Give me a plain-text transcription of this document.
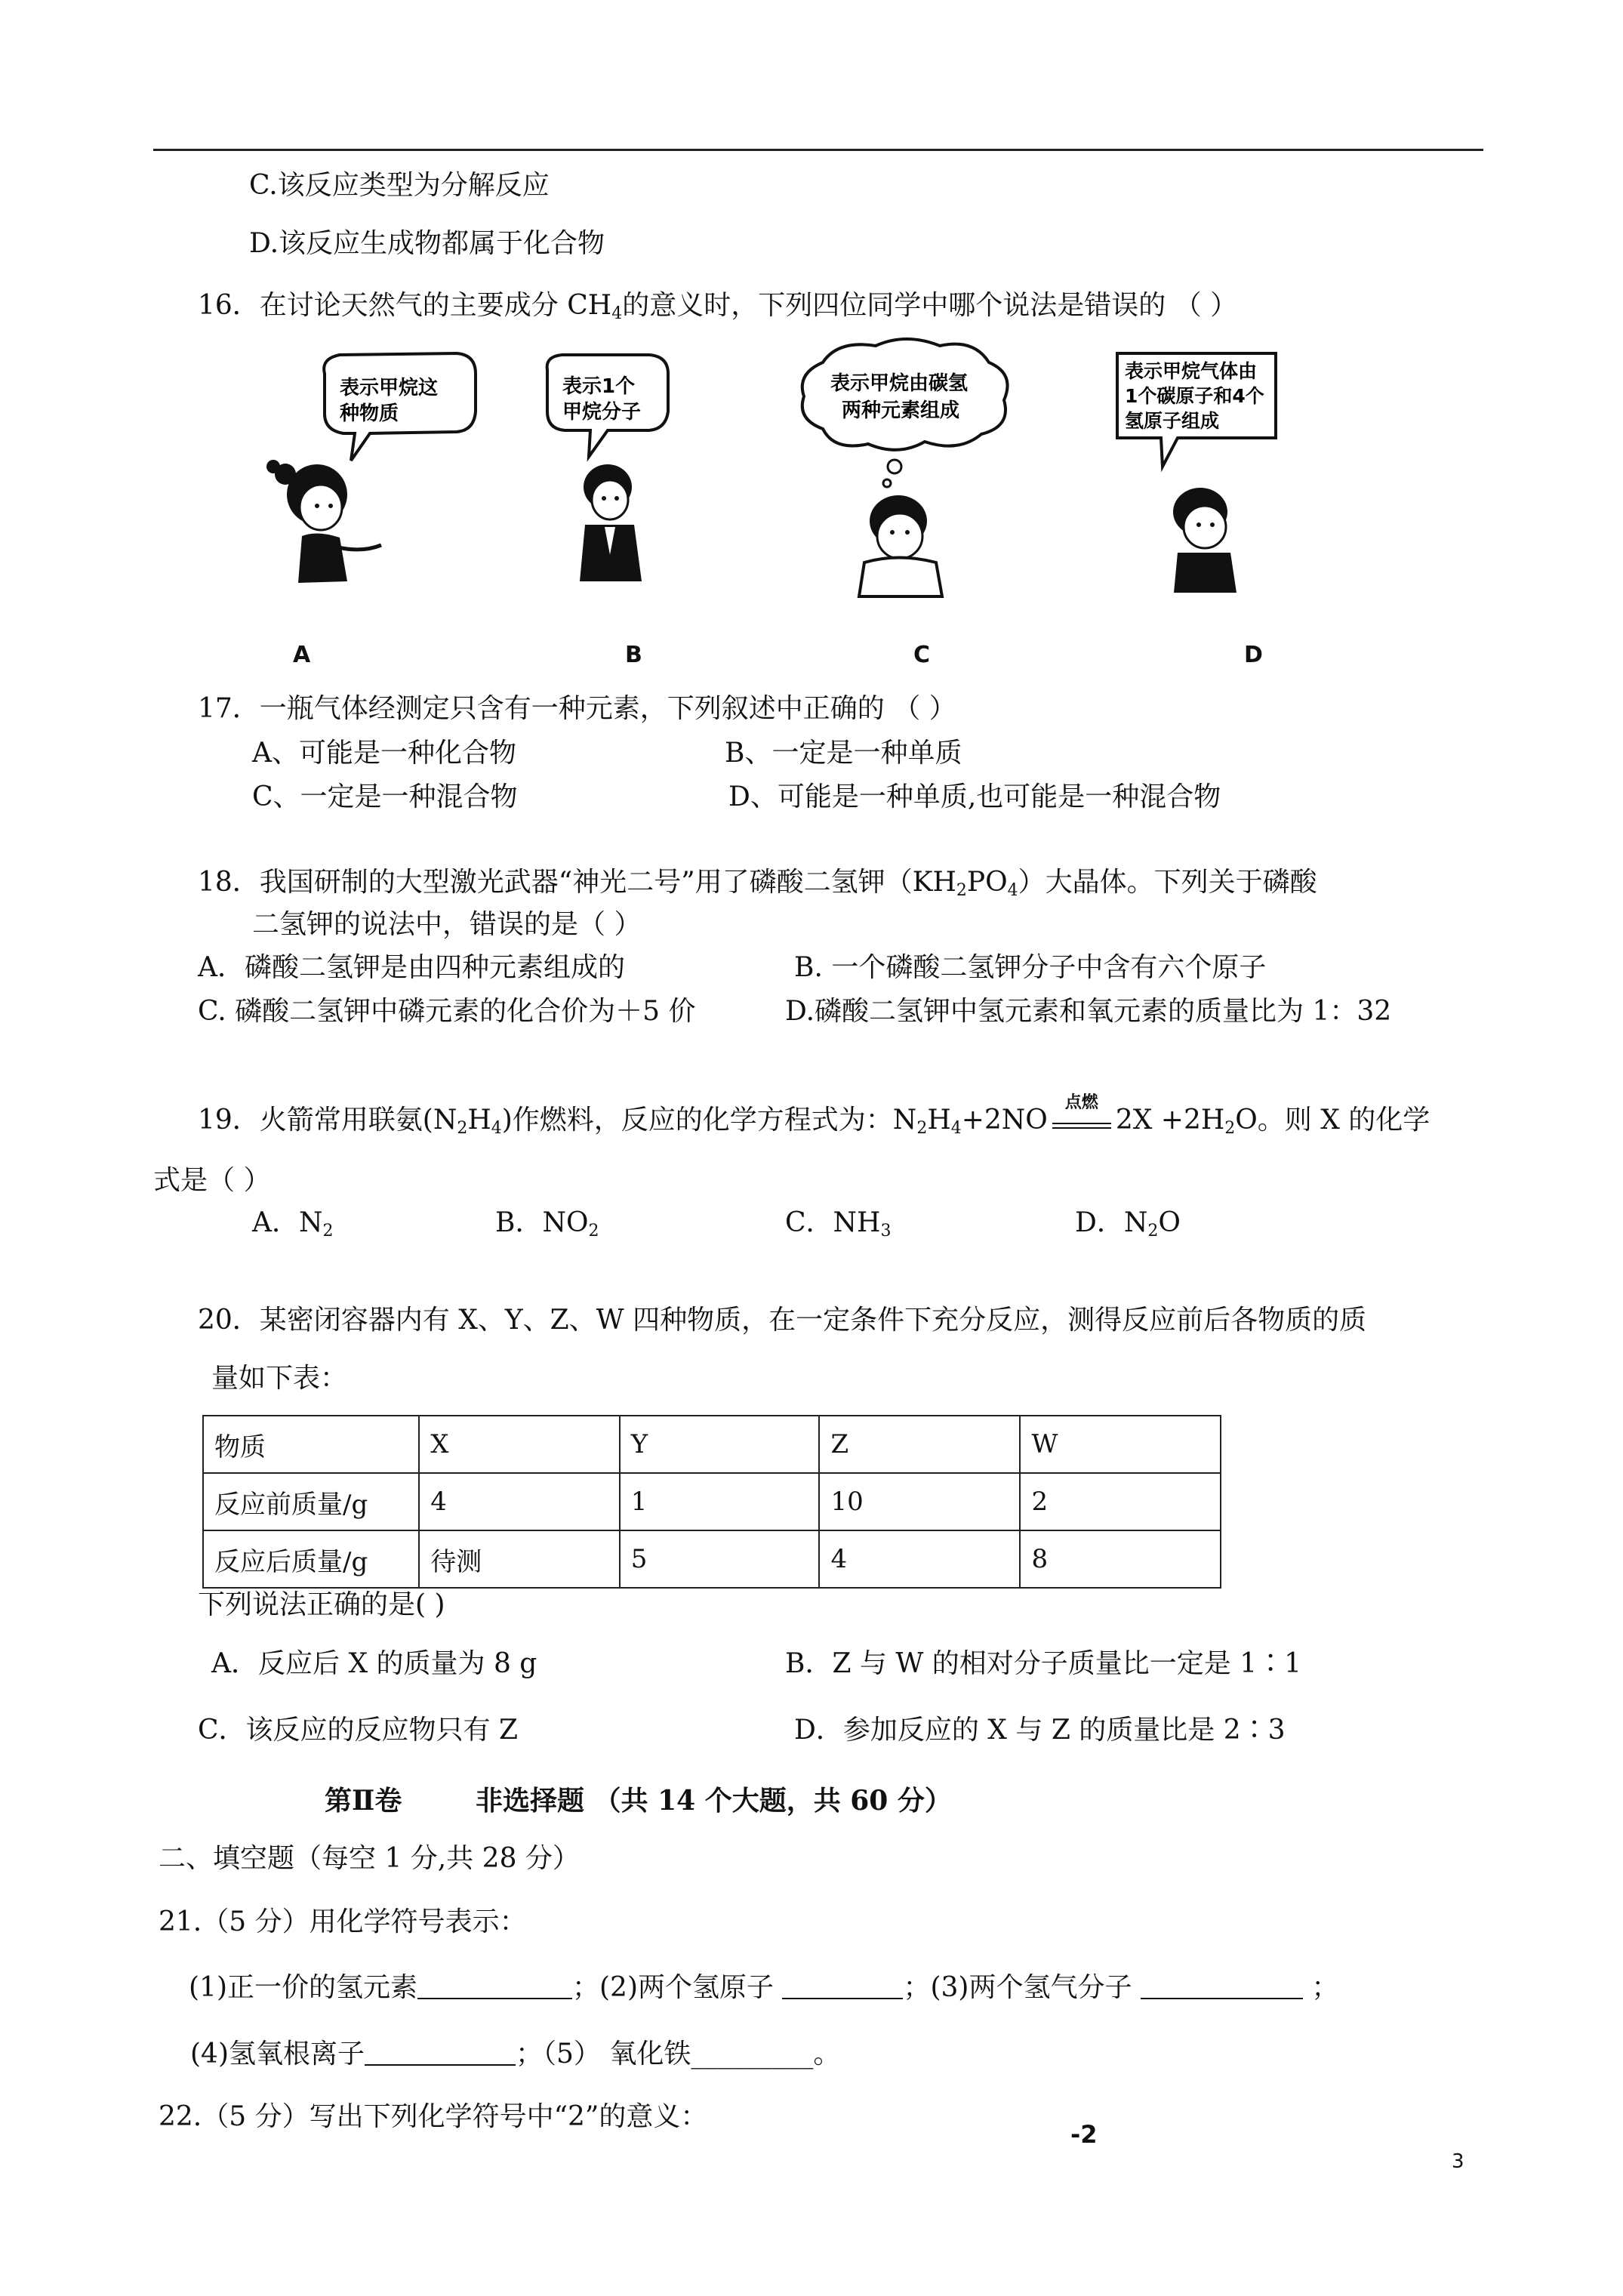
C.该反应类型为分解反应
D.该反应生成物都属于化合物
16．在讨论天然气的主要成分 $CH_4$的意义时，下列四位同学中哪个说法是错误的 （ ）
表示甲烷这
种物质
表示1个
甲烷分子
表示甲烷由碳氢
两种元素组成
表示甲烷气体由
1个碳原子和4个
氢原子组成
A	B	C	D
17．一瓶气体经测定只含有一种元素，下列叙述中正确的 （ ）
A、可能是一种化合物	B、一定是一种单质
C、一定是一种混合物	D、可能是一种单质,也可能是一种混合物
18．我国研制的大型激光武器“神光二号”用了磷酸二氢钾$(KH_2PO_4)$大晶体。下列关于磷酸
二氢钾的说法中，错误的是（ ）
A．磷酸二氢钾是由四种元素组成的	B. 一个磷酸二氢钾分子中含有六个原子
C. 磷酸二氢钾中磷元素的化合价为＋5 价	D.磷酸二氢钾中氢元素和氧元素的质量比为 1：32
19．火箭常用联氨$(N_2H_4)$作燃料，反应的化学方程式为：$N_2H_4+2NO$
点燃
$2X +2H_2O$。则 X 的化学
式是（ ）
A．$N_2$	B．$NO_2$	C．$NH_3$	D．$N_2O$
20．某密闭容器内有 X、Y、Z、W 四种物质，在一定条件下充分反应，测得反应前后各物质的质
量如下表：
物质	X	Y	Z	W
反应前质量/g	4	1	10	2
反应后质量/g	待测	5	4	8
下列说法正确的是( )
A．反应后 X 的质量为 8 g	B．Z 与 W 的相对分子质量比一定是 1∶1
C．该反应的反应物只有 Z	D．参加反应的 X 与 Z 的质量比是 2∶3
第Ⅱ卷	非选择题 （共 14 个大题，共 60 分）
二、填空题（每空 1 分,共 28 分）
21.（5 分）用化学符号表示：
(1)正一价的氢元素	；(2)两个氢原子	；(3)两个氢气分子	；
(4)氢氧根离子	；（5） 氧化铁_________。
22.（5 分）写出下列化学符号中“2”的意义：
-2
3
